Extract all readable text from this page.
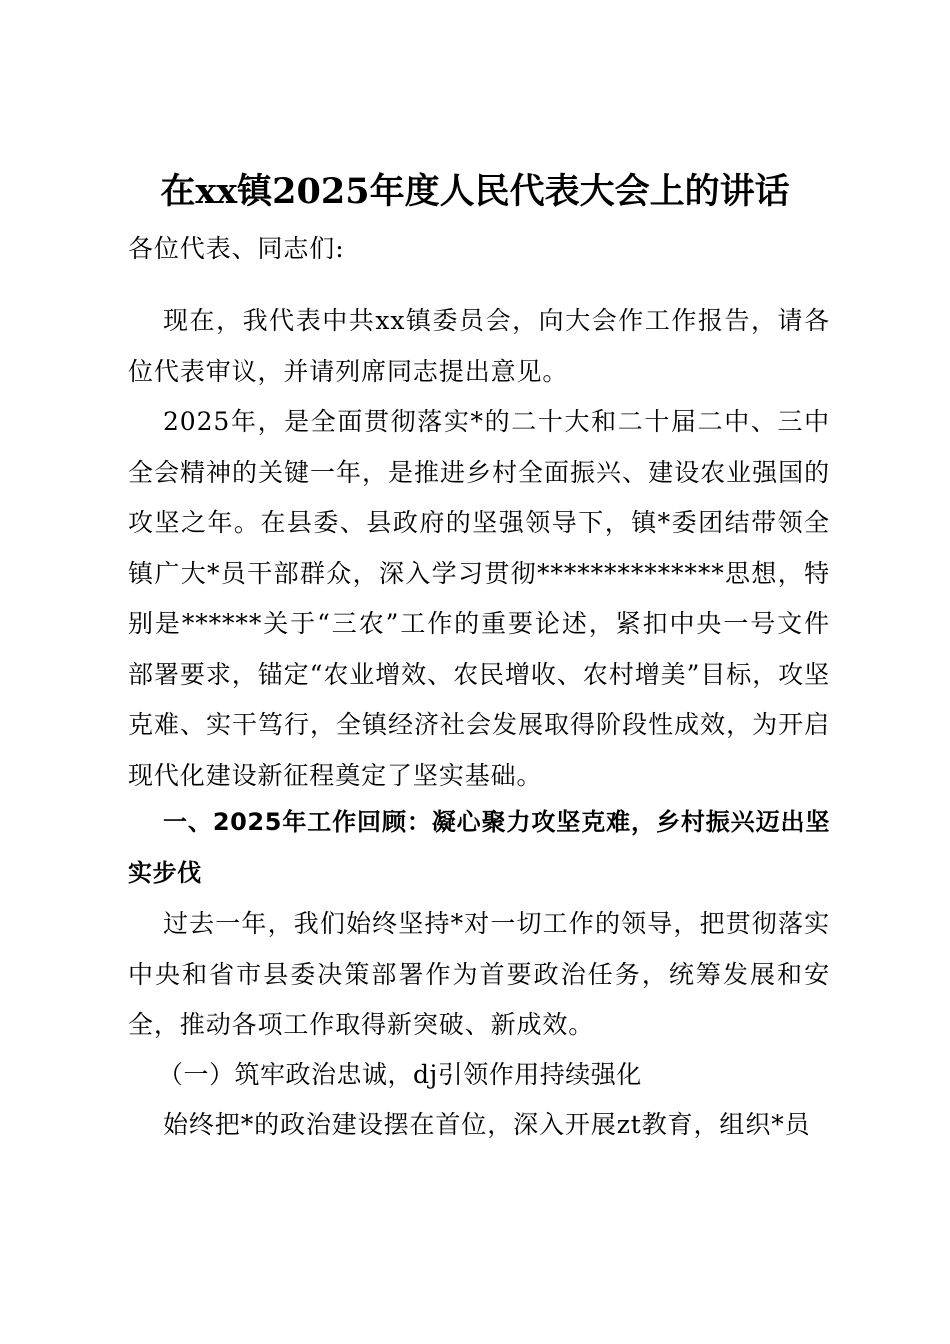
在xx镇2025年度人民代表大会上的讲话

各位代表、同志们:

现在，我代表中共xx镇委员会，向大会作工作报告，请各位代表审议，并请列席同志提出意见。

2025年，是全面贯彻落实*的二十大和二十届二中、三中全会精神的关键一年，是推进乡村全面振兴、建设农业强国的攻坚之年。在县委、县政府的坚强领导下，镇*委团结带领全镇广大*员干部群众，深入学习贯彻**************思想，特别是******关于“三农”工作的重要论述，紧扣中央一号文件部署要求，锚定“农业增效、农民增收、农村增美”目标，攻坚克难、实干笃行，全镇经济社会发展取得阶段性成效，为开启现代化建设新征程奠定了坚实基础。

一、2025年工作回顾：凝心聚力攻坚克难，乡村振兴迈出坚实步伐

过去一年，我们始终坚持*对一切工作的领导，把贯彻落实中央和省市县委决策部署作为首要政治任务，统筹发展和安全，推动各项工作取得新突破、新成效。

（一）筑牢政治忠诚，dj引领作用持续强化

始终把*的政治建设摆在首位，深入开展zt教育，组织*员
